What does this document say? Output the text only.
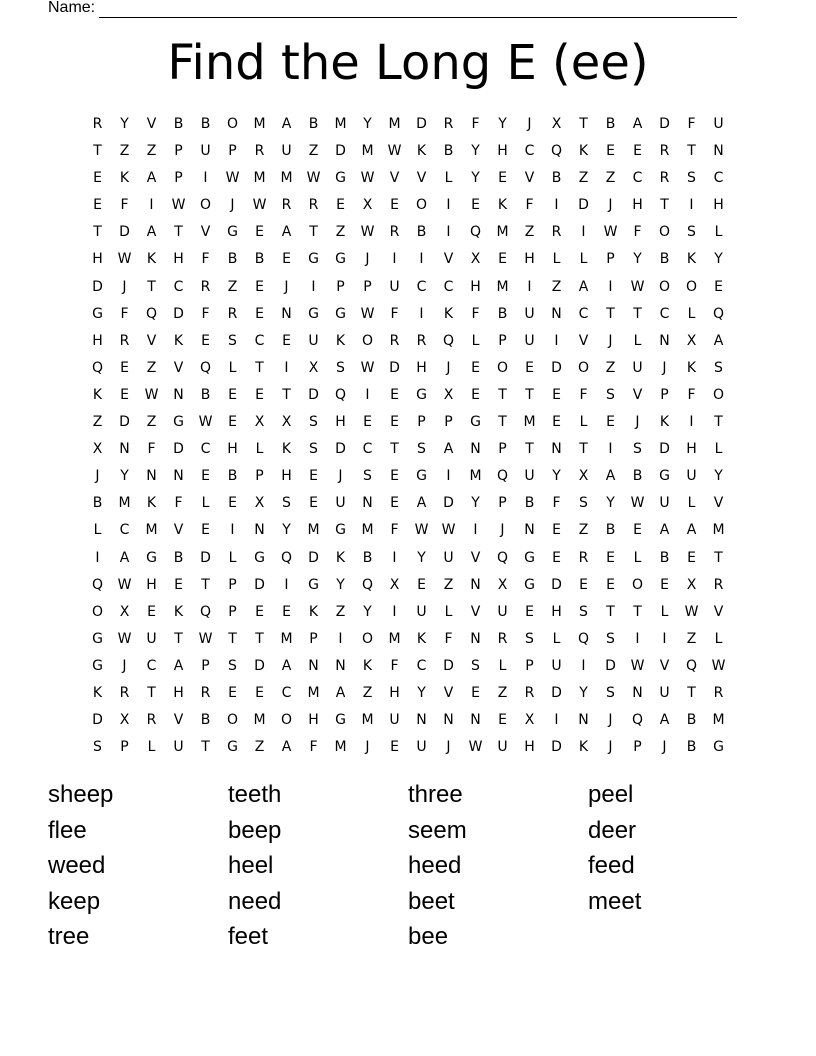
Name:
Find the Long E (ee)
R	Y	V	B	B	O	M	A	B	M	Y	M	D	R	F	Y	J	X	T	B	A	D	F	U
T	Z	Z	P	U	P	R	U	Z	D	M	W	K	B	Y	H	C	Q	K	E	E	R	T	N
E	K	A	P	I	W	M	M	W	G	W	V	V	L	Y	E	V	B	Z	Z	C	R	S	C
E	F	I	W	O	J	W	R	R	E	X	E	O	I	E	K	F	I	D	J	H	T	I	H
T	D	A	T	V	G	E	A	T	Z	W	R	B	I	Q	M	Z	R	I	W	F	O	S	L
H	W	K	H	F	B	B	E	G	G	J	I	I	V	X	E	H	L	L	P	Y	B	K	Y
D	J	T	C	R	Z	E	J	I	P	P	U	C	C	H	M	I	Z	A	I	W	O	O	E
G	F	Q	D	F	R	E	N	G	G	W	F	I	K	F	B	U	N	C	T	T	C	L	Q
H	R	V	K	E	S	C	E	U	K	O	R	R	Q	L	P	U	I	V	J	L	N	X	A
Q	E	Z	V	Q	L	T	I	X	S	W	D	H	J	E	O	E	D	O	Z	U	J	K	S
K	E	W	N	B	E	E	T	D	Q	I	E	G	X	E	T	T	E	F	S	V	P	F	O
Z	D	Z	G	W	E	X	X	S	H	E	E	P	P	G	T	M	E	L	E	J	K	I	T
X	N	F	D	C	H	L	K	S	D	C	T	S	A	N	P	T	N	T	I	S	D	H	L
J	Y	N	N	E	B	P	H	E	J	S	E	G	I	M	Q	U	Y	X	A	B	G	U	Y
B	M	K	F	L	E	X	S	E	U	N	E	A	D	Y	P	B	F	S	Y	W	U	L	V
L	C	M	V	E	I	N	Y	M	G	M	F	W W	I	J	N	E	Z	B	E	A	A	M
I	A	G	B	D	L	G	Q	D	K	B	I	Y	U	V	Q	G	E	R	E	L	B	E	T
Q	W	H	E	T	P	D	I	G	Y	Q	X	E	Z	N	X	G	D	E	E	O	E	X	R
O	X	E	K	Q	P	E	E	K	Z	Y	I	U	L	V	U	E	H	S	T	T	L	W	V
G	W	U	T	W	T	T	M	P	I	O	M	K	F	N	R	S	L	Q	S	I	I	Z	L
G	J	C	A	P	S	D	A	N	N	K	F	C	D	S	L	P	U	I	D	W	V	Q	W
K	R	T	H	R	E	E	C	M	A	Z	H	Y	V	E	Z	R	D	Y	S	N	U	T	R
D	X	R	V	B	O	M	O	H	G	M	U	N	N	N	E	X	I	N	J	Q	A	B	M
S	P	L	U	T	G	Z	A	F	M	J	E	U	J	W	U	H	D	K	J	P	J	B	G
sheep	teeth	three	peel
flee	beep	seem	deer
weed	heel	heed	feed
keep	need	beet	meet
tree	feet	bee
